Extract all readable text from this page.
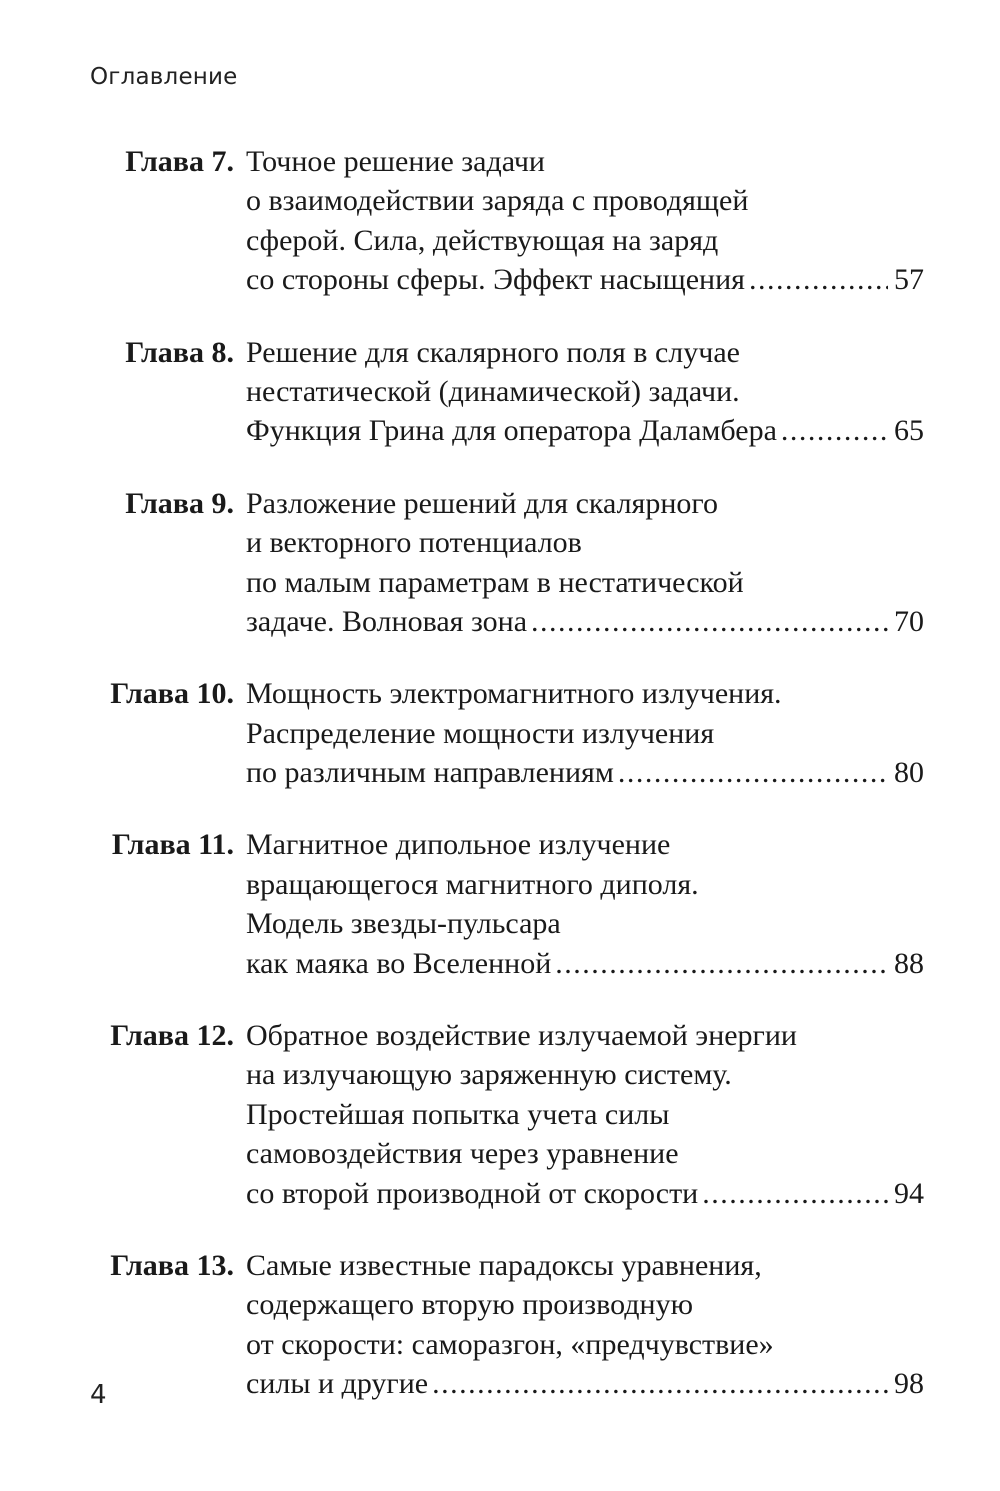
Оглавление
Глава 7. Точное решение задачи
о взаимодействии заряда с проводящей
сферой. Сила, действующая на заряд
со стороны сферы. Эффект насыщения .....	57
Глава 8. Решение для скалярного поля в случае
нестатической (динамической) задачи.
Функция Грина для оператора Даламбера .....	65
Глава 9. Разложение решений для скалярного
и векторного потенциалов
по малым параметрам в нестатической
задаче. Волновая зона .....	70
Глава 10. Мощность электромагнитного излучения.
Распределение мощности излучения
по различным направлениям .....	80
Глава 11. Магнитное дипольное излучение
вращающегося магнитного диполя.
Модель звезды-пульсара
как маяка во Вселенной .....	88
Глава 12. Обратное воздействие излучаемой энергии
на излучающую заряженную систему.
Простейшая попытка учета силы
самовоздействия через уравнение
со второй производной от скорости .....	94
Глава 13. Самые известные парадоксы уравнения,
содержащего вторую производную
от скорости: саморазгон, «предчувствие»
силы и другие .....	98
4
